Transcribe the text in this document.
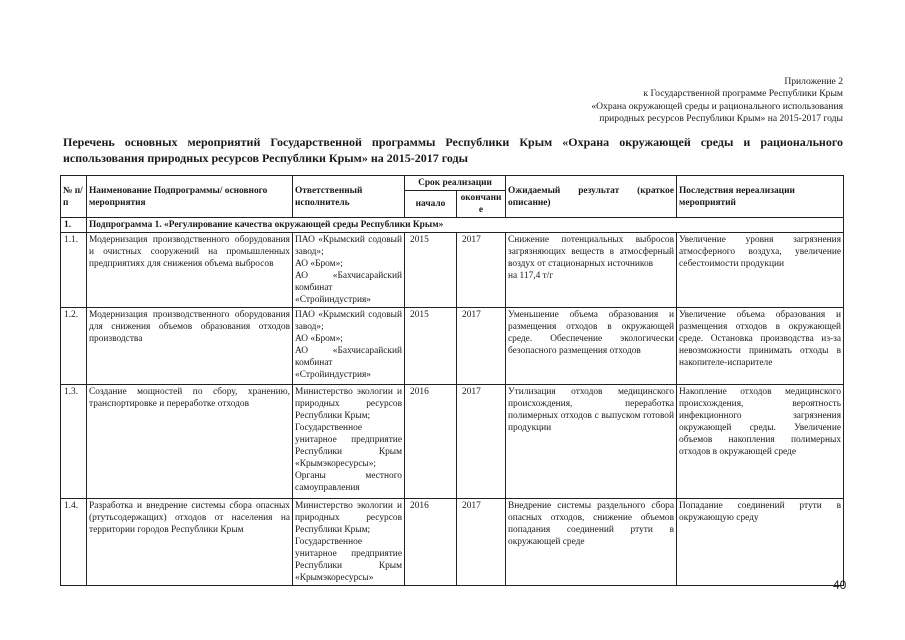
Приложение 2
к Государственной программе Республики Крым
«Охрана окружающей среды и рационального использования
природных ресурсов Республики Крым» на 2015-2017 годы
Перечень основных мероприятий Государственной программы Республики Крым «Охрана окружающей среды и рационального использования природных ресурсов Республики Крым» на 2015-2017 годы
№ п/п	Наименование Подпрограммы/ основного мероприятия	Ответственный исполнитель	Срок реализации		Ожидаемый результат (краткое описание)	Последствия нереализации мероприятий
			начало	окончание		
1.	Подпрограмма 1. «Регулирование качества окружающей среды Республики Крым»					
1.1.	Модернизация производственного оборудования и очистных сооружений на промышленных предприятиях для снижения объема выбросов	ПАО «Крымский содовый завод»;
АО «Бром»;
АО «Бахчисарайский комбинат «Стройиндустрия»	2015	2017	Снижение потенциальных выбросов загрязняющих веществ в атмосферный воздух от стационарных источников
на 117,4 т/г	Увеличение уровня загрязнения атмосферного воздуха, увеличение себестоимости продукции
1.2.	Модернизация производственного оборудования для снижения объемов образования отходов производства	ПАО «Крымский содовый завод»;
АО «Бром»;
АО «Бахчисарайский комбинат «Стройиндустрия»	2015	2017	Уменьшение объема образования и размещения отходов в окружающей среде. Обеспечение экологически безопасного размещения отходов	Увеличение объема образования и размещения отходов в окружающей среде. Остановка производства из-за невозможности принимать отходы в накопителе-испарителе
1.3.	Создание мощностей по сбору, хранению, транспортировке и переработке отходов	Министерство экологии и природных ресурсов Республики Крым;
Государственное унитарное предприятие Республики Крым «Крымэкоресурсы»;
Органы местного самоуправления	2016	2017	Утилизация отходов медицинского происхождения, переработка полимерных отходов с выпуском готовой продукции	Накопление отходов медицинского происхождения, вероятность инфекционного загрязнения окружающей среды. Увеличение объемов накопления полимерных отходов в окружающей среде
1.4.	Разработка и внедрение системы сбора опасных (ртутьсодержащих) отходов от населения на территории городов Республики Крым	Министерство экологии и природных ресурсов Республики Крым;
Государственное унитарное предприятие Республики Крым «Крымэкоресурсы»	2016	2017	Внедрение системы раздельного сбора опасных отходов, снижение объемов попадания соединений ртути в окружающей среде	Попадание соединений ртути в окружающую среду
40
